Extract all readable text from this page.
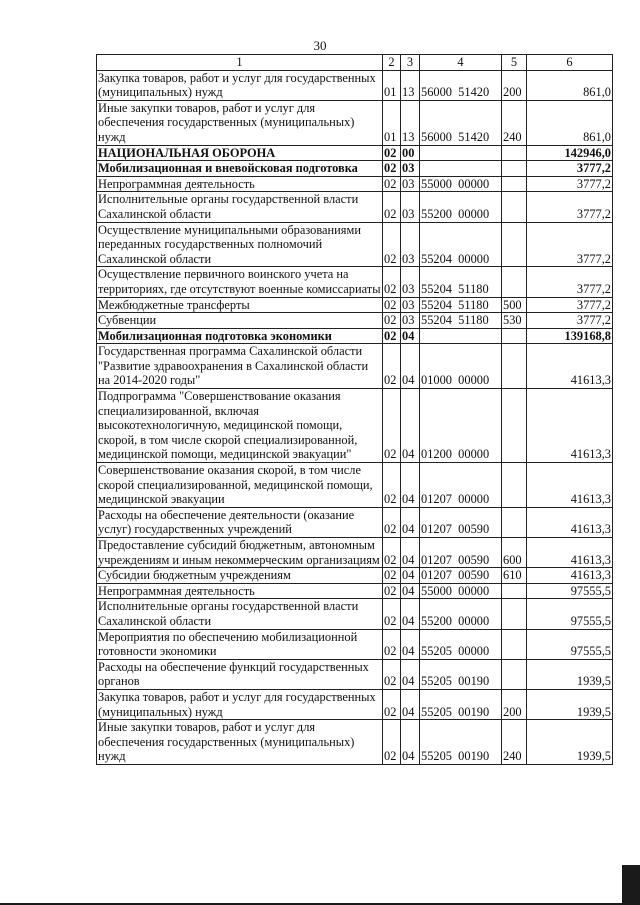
30
1	2	3	4	5	6
Закупка товаров, работ и услуг для государственных (муниципальных) нужд	01	13	56000  51420	200	861,0
Иные закупки товаров, работ и услуг для обеспечения государственных (муниципальных) нужд	01	13	56000  51420	240	861,0
НАЦИОНАЛЬНАЯ ОБОРОНА	02	00			142946,0
Мобилизационная и вневойсковая подготовка	02	03			3777,2
Непрограммная деятельность	02	03	55000  00000		3777,2
Исполнительные органы государственной власти Сахалинской области	02	03	55200  00000		3777,2
Осуществление муниципальными образованиями переданных государственных полномочий Сахалинской области	02	03	55204  00000		3777,2
Осуществление первичного воинского учета на территориях, где отсутствуют военные комиссариаты	02	03	55204  51180		3777,2
Межбюджетные трансферты	02	03	55204  51180	500	3777,2
Субвенции	02	03	55204  51180	530	3777,2
Мобилизационная подготовка экономики	02	04			139168,8
Государственная программа Сахалинской области "Развитие здравоохранения в Сахалинской области на 2014-2020 годы"	02	04	01000  00000		41613,3
Подпрограмма "Совершенствование оказания специализированной, включая высокотехнологичную, медицинской помощи, скорой, в том числе скорой специализированной, медицинской помощи, медицинской эвакуации"	02	04	01200  00000		41613,3
Совершенствование оказания скорой, в том числе скорой специализированной, медицинской помощи, медицинской эвакуации	02	04	01207  00000		41613,3
Расходы на обеспечение деятельности (оказание услуг) государственных учреждений	02	04	01207  00590		41613,3
Предоставление субсидий бюджетным, автономным учреждениям и иным некоммерческим организациям	02	04	01207  00590	600	41613,3
Субсидии бюджетным учреждениям	02	04	01207  00590	610	41613,3
Непрограммная деятельность	02	04	55000  00000		97555,5
Исполнительные органы государственной власти Сахалинской области	02	04	55200  00000		97555,5
Мероприятия по обеспечению мобилизационной готовности экономики	02	04	55205  00000		97555,5
Расходы на обеспечение функций государственных органов	02	04	55205  00190		1939,5
Закупка товаров, работ и услуг для государственных (муниципальных) нужд	02	04	55205  00190	200	1939,5
Иные закупки товаров, работ и услуг для обеспечения государственных (муниципальных) нужд	02	04	55205  00190	240	1939,5
